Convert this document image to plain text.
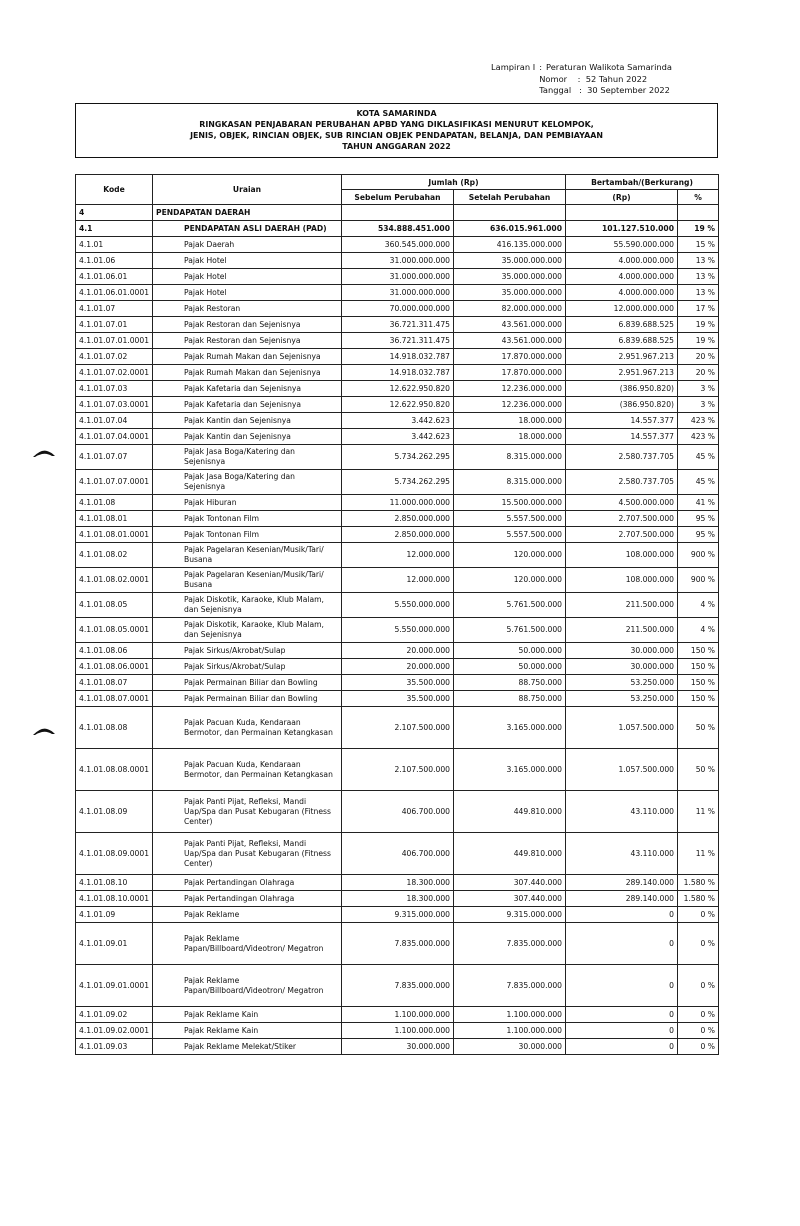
Lampiran I	:	Peraturan Walikota Samarinda
	Nomor    :  52 Tahun 2022	
	Tanggal   :  30 September 2022	
KOTA SAMARINDA
RINGKASAN PENJABARAN PERUBAHAN APBD YANG DIKLASIFIKASI MENURUT KELOMPOK,
JENIS, OBJEK, RINCIAN OBJEK, SUB RINCIAN OBJEK PENDAPATAN, BELANJA, DAN PEMBIAYAAN
TAHUN ANGGARAN 2022
Kode	Uraian	Jumlah (Rp)		Bertambah/(Berkurang)	
		Sebelum Perubahan	Setelah Perubahan	(Rp)	%
4	PENDAPATAN DAERAH				
4.1	PENDAPATAN ASLI DAERAH (PAD)	534.888.451.000	636.015.961.000	101.127.510.000	19 %
4.1.01	Pajak Daerah	360.545.000.000	416.135.000.000	55.590.000.000	15 %
4.1.01.06	Pajak Hotel	31.000.000.000	35.000.000.000	4.000.000.000	13 %
4.1.01.06.01	Pajak Hotel	31.000.000.000	35.000.000.000	4.000.000.000	13 %
4.1.01.06.01.0001	Pajak Hotel	31.000.000.000	35.000.000.000	4.000.000.000	13 %
4.1.01.07	Pajak Restoran	70.000.000.000	82.000.000.000	12.000.000.000	17 %
4.1.01.07.01	Pajak Restoran dan Sejenisnya	36.721.311.475	43.561.000.000	6.839.688.525	19 %
4.1.01.07.01.0001	Pajak Restoran dan Sejenisnya	36.721.311.475	43.561.000.000	6.839.688.525	19 %
4.1.01.07.02	Pajak Rumah Makan dan Sejenisnya	14.918.032.787	17.870.000.000	2.951.967.213	20 %
4.1.01.07.02.0001	Pajak Rumah Makan dan Sejenisnya	14.918.032.787	17.870.000.000	2.951.967.213	20 %
4.1.01.07.03	Pajak Kafetaria dan Sejenisnya	12.622.950.820	12.236.000.000	(386.950.820)	3 %
4.1.01.07.03.0001	Pajak Kafetaria dan Sejenisnya	12.622.950.820	12.236.000.000	(386.950.820)	3 %
4.1.01.07.04	Pajak Kantin dan Sejenisnya	3.442.623	18.000.000	14.557.377	423 %
4.1.01.07.04.0001	Pajak Kantin dan Sejenisnya	3.442.623	18.000.000	14.557.377	423 %
4.1.01.07.07	Pajak Jasa Boga/Katering dan Sejenisnya	5.734.262.295	8.315.000.000	2.580.737.705	45 %
4.1.01.07.07.0001	Pajak Jasa Boga/Katering dan Sejenisnya	5.734.262.295	8.315.000.000	2.580.737.705	45 %
4.1.01.08	Pajak Hiburan	11.000.000.000	15.500.000.000	4.500.000.000	41 %
4.1.01.08.01	Pajak Tontonan Film	2.850.000.000	5.557.500.000	2.707.500.000	95 %
4.1.01.08.01.0001	Pajak Tontonan Film	2.850.000.000	5.557.500.000	2.707.500.000	95 %
4.1.01.08.02	Pajak Pagelaran Kesenian/Musik/Tari/ Busana	12.000.000	120.000.000	108.000.000	900 %
4.1.01.08.02.0001	Pajak Pagelaran Kesenian/Musik/Tari/ Busana	12.000.000	120.000.000	108.000.000	900 %
4.1.01.08.05	Pajak Diskotik, Karaoke, Klub Malam, dan Sejenisnya	5.550.000.000	5.761.500.000	211.500.000	4 %
4.1.01.08.05.0001	Pajak Diskotik, Karaoke, Klub Malam, dan Sejenisnya	5.550.000.000	5.761.500.000	211.500.000	4 %
4.1.01.08.06	Pajak Sirkus/Akrobat/Sulap	20.000.000	50.000.000	30.000.000	150 %
4.1.01.08.06.0001	Pajak Sirkus/Akrobat/Sulap	20.000.000	50.000.000	30.000.000	150 %
4.1.01.08.07	Pajak Permainan Biliar dan Bowling	35.500.000	88.750.000	53.250.000	150 %
4.1.01.08.07.0001	Pajak Permainan Biliar dan Bowling	35.500.000	88.750.000	53.250.000	150 %
4.1.01.08.08	Pajak Pacuan Kuda, Kendaraan Bermotor, dan Permainan Ketangkasan	2.107.500.000	3.165.000.000	1.057.500.000	50 %
4.1.01.08.08.0001	Pajak Pacuan Kuda, Kendaraan Bermotor, dan Permainan Ketangkasan	2.107.500.000	3.165.000.000	1.057.500.000	50 %
4.1.01.08.09	Pajak Panti Pijat, Refleksi, Mandi Uap/Spa dan Pusat Kebugaran (Fitness Center)	406.700.000	449.810.000	43.110.000	11 %
4.1.01.08.09.0001	Pajak Panti Pijat, Refleksi, Mandi Uap/Spa dan Pusat Kebugaran (Fitness Center)	406.700.000	449.810.000	43.110.000	11 %
4.1.01.08.10	Pajak Pertandingan Olahraga	18.300.000	307.440.000	289.140.000	1.580 %
4.1.01.08.10.0001	Pajak Pertandingan Olahraga	18.300.000	307.440.000	289.140.000	1.580 %
4.1.01.09	Pajak Reklame	9.315.000.000	9.315.000.000	0	0 %
4.1.01.09.01	Pajak Reklame Papan/Billboard/Videotron/ Megatron	7.835.000.000	7.835.000.000	0	0 %
4.1.01.09.01.0001	Pajak Reklame Papan/Billboard/Videotron/ Megatron	7.835.000.000	7.835.000.000	0	0 %
4.1.01.09.02	Pajak Reklame Kain	1.100.000.000	1.100.000.000	0	0 %
4.1.01.09.02.0001	Pajak Reklame Kain	1.100.000.000	1.100.000.000	0	0 %
4.1.01.09.03	Pajak Reklame Melekat/Stiker	30.000.000	30.000.000	0	0 %
